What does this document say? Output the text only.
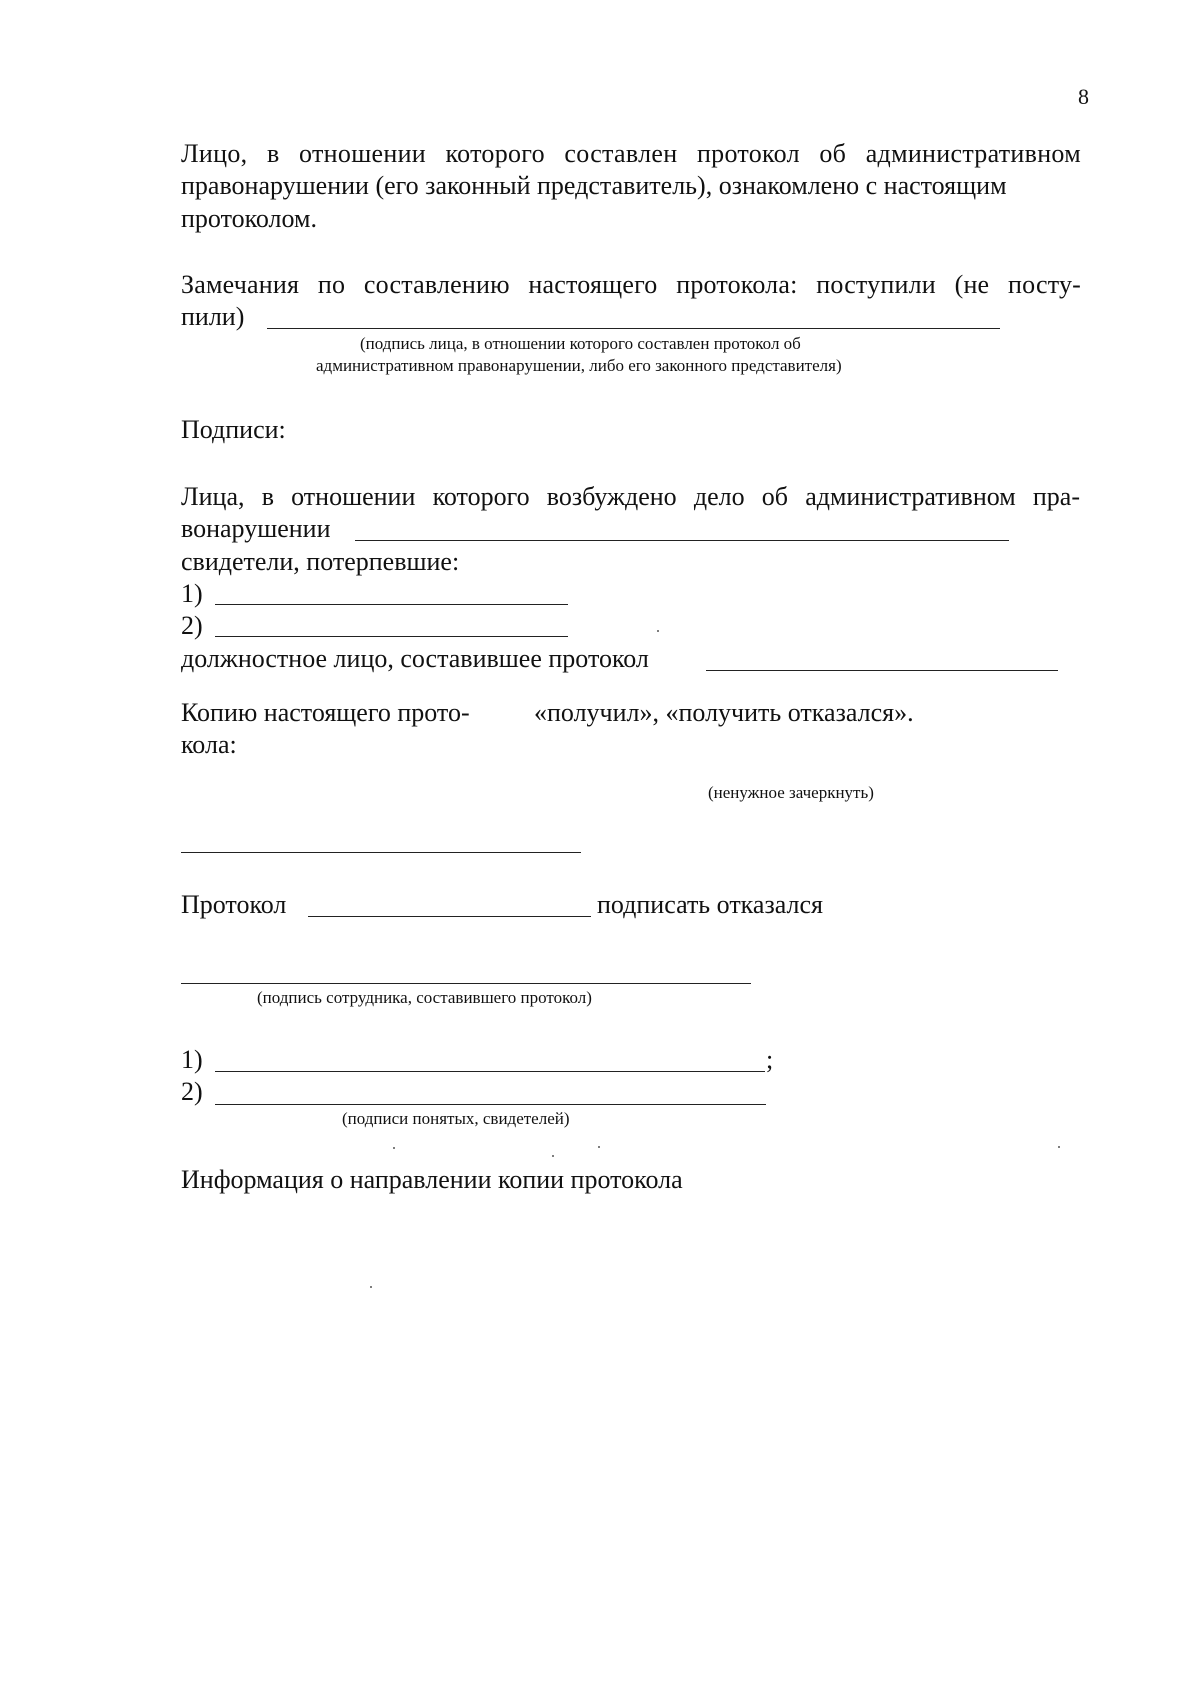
8
Лицо, в отношении которого составлен протокол об административном
правонарушении (его законный представитель), ознакомлено с настоящим
протоколом.
Замечания по составлению настоящего протокола: поступили (не посту-
пили)
(подпись лица, в отношении которого составлен протокол об
административном правонарушении, либо его законного представителя)
Подписи:
Лица, в отношении которого возбуждено дело об административном пра-
вонарушении
свидетели, потерпевшие:
1)
2)
должностное лицо, составившее протокол
Копию настоящего прото- «получил», «получить отказался».
кола:
(ненужное зачеркнуть)
Протокол	подписать отказался
(подпись сотрудника, составившего протокол)
1)	;
2)
(подписи понятых, свидетелей)
Информация о направлении копии протокола
